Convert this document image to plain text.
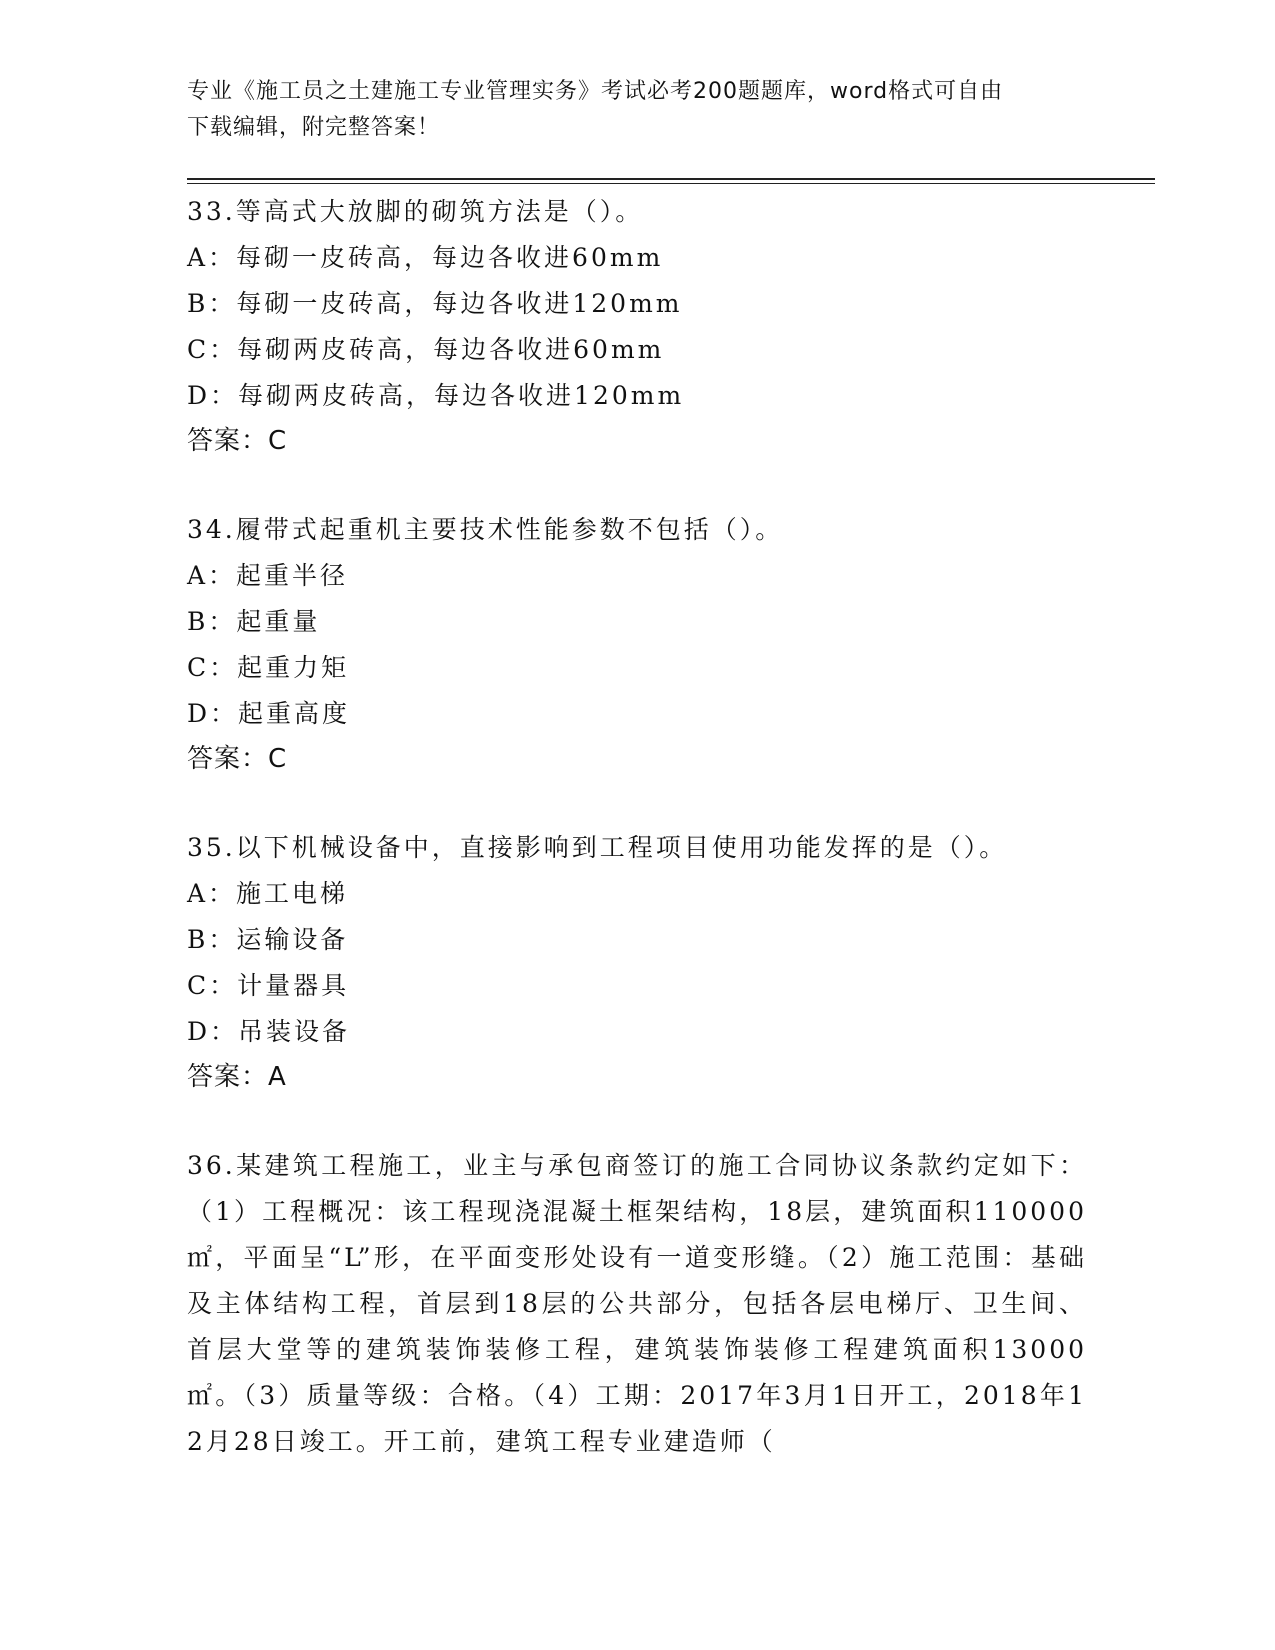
专业《施工员之土建施工专业管理实务》考试必考200题题库，word格式可自由
下载编辑，附完整答案！
33.等高式大放脚的砌筑方法是（）。
A：每砌一皮砖高，每边各收进60mm
B：每砌一皮砖高，每边各收进120mm
C：每砌两皮砖高，每边各收进60mm
D：每砌两皮砖高，每边各收进120mm
答案：C
34.履带式起重机主要技术性能参数不包括（）。
A：起重半径
B：起重量
C：起重力矩
D：起重高度
答案：C
35.以下机械设备中，直接影响到工程项目使用功能发挥的是（）。
A：施工电梯
B：运输设备
C：计量器具
D：吊装设备
答案：A
36.某建筑工程施工，业主与承包商签订的施工合同协议条款约定如下：（1）工程概况：该工程现浇混凝土框架结构，18层，建筑面积110000㎡，平面呈“L”形，在平面变形处设有一道变形缝。（2）施工范围：基础及主体结构工程，首层到18层的公共部分，包括各层电梯厅、卫生间、首层大堂等的建筑装饰装修工程，建筑装饰装修工程建筑面积13000㎡。（3）质量等级：合格。（4）工期：2017年3月1日开工，2018年12月28日竣工。开工前，建筑工程专业建造师（
